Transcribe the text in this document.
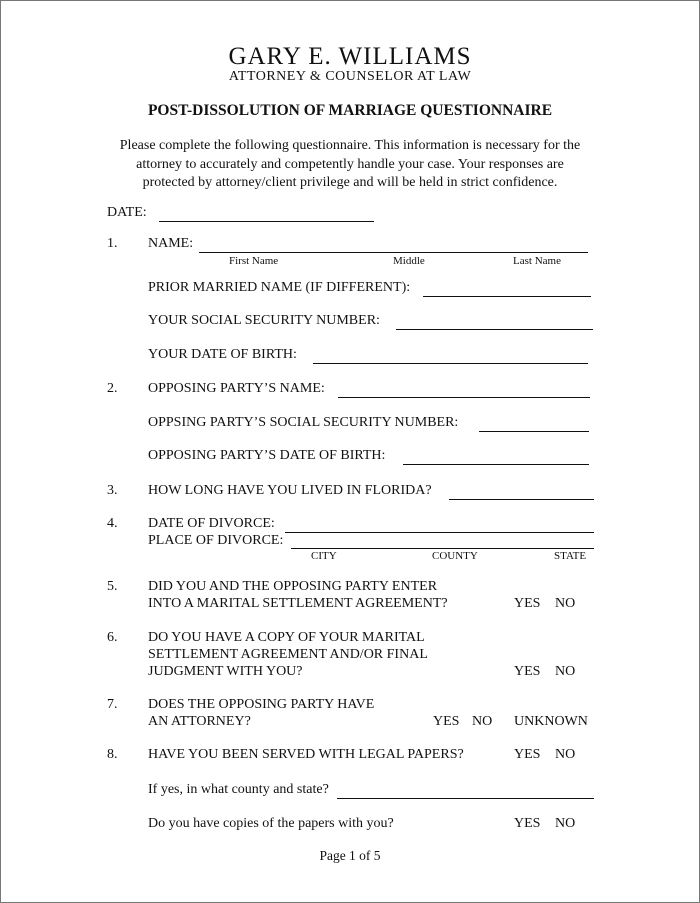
GARY E. WILLIAMS
ATTORNEY & COUNSELOR AT LAW
POST-DISSOLUTION OF MARRIAGE QUESTIONNAIRE
Please complete the following questionnaire. This information is necessary for the
attorney to accurately and competently handle your case. Your responses are
protected by attorney/client privilege and will be held in strict confidence.
DATE:
1. NAME:
First Name	Middle	Last Name
PRIOR MARRIED NAME (IF DIFFERENT):
YOUR SOCIAL SECURITY NUMBER:
YOUR DATE OF BIRTH:
2. OPPOSING PARTY’S NAME:
OPPSING PARTY’S SOCIAL SECURITY NUMBER:
OPPOSING PARTY’S DATE OF BIRTH:
3. HOW LONG HAVE YOU LIVED IN FLORIDA?
4. DATE OF DIVORCE:
PLACE OF DIVORCE:
CITY	COUNTY	STATE
5. DID YOU AND THE OPPOSING PARTY ENTER
INTO A MARITAL SETTLEMENT AGREEMENT?	YES NO
6. DO YOU HAVE A COPY OF YOUR MARITAL
SETTLEMENT AGREEMENT AND/OR FINAL
JUDGMENT WITH YOU?	YES NO
7. DOES THE OPPOSING PARTY HAVE
AN ATTORNEY?	YES NO UNKNOWN
8. HAVE YOU BEEN SERVED WITH LEGAL PAPERS?	YES NO
If yes, in what county and state?
Do you have copies of the papers with you?	YES NO
Page 1 of 5
